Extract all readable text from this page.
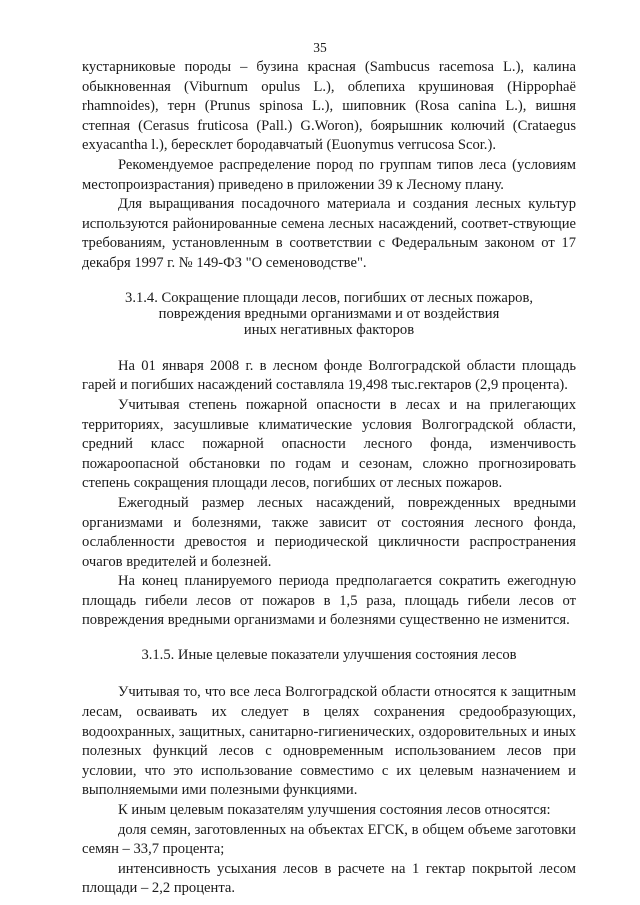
35

кустарниковые породы – бузина красная (Sambucus racemosa L.), калина обыкновенная (Viburnum opulus L.), облепиха крушиновая (Hippophaë rhamnoides), терн (Prunus spinosa L.), шиповник (Rosa canina L.), вишня степная (Cerasus fruticosa (Pall.) G.Woron), боярышник колючий (Crataegus exyacantha l.), бересклет бородавчатый (Euonymus verrucosa Scor.).

Рекомендуемое распределение пород по группам типов леса (условиям местопроизрастания) приведено в приложении 39 к Лесному плану.

Для выращивания посадочного материала и создания лесных культур используются районированные семена лесных насаждений, соответ-ствующие требованиям, установленным в соответствии с Федеральным законом от 17 декабря 1997 г. № 149-ФЗ "О семеноводстве".

3.1.4. Сокращение площади лесов, погибших от лесных пожаров,
повреждения вредными организмами и от воздействия
иных негативных факторов

На 01 января 2008 г. в лесном фонде Волгоградской области площадь гарей и погибших насаждений составляла 19,498 тыс.гектаров (2,9 процента).

Учитывая степень пожарной опасности в лесах и на прилегающих территориях, засушливые климатические условия Волгоградской области, средний класс пожарной опасности лесного фонда, изменчивость пожароопасной обстановки по годам и сезонам, сложно прогнозировать степень сокращения площади лесов, погибших от лесных пожаров.

Ежегодный размер лесных насаждений, поврежденных вредными организмами и болезнями, также зависит от состояния лесного фонда, ослабленности древостоя и периодической цикличности распространения очагов вредителей и болезней.

На конец планируемого периода предполагается сократить ежегодную площадь гибели лесов от пожаров в 1,5 раза, площадь гибели лесов от повреждения вредными организмами и болезнями существенно не изменится.

3.1.5. Иные целевые показатели улучшения состояния лесов

Учитывая то, что все леса Волгоградской области относятся к защитным лесам, осваивать их следует в целях сохранения средообразующих, водоохранных, защитных, санитарно-гигиенических, оздоровительных и иных полезных функций лесов с одновременным использованием лесов при условии, что это использование совместимо с их целевым назначением и выполняемыми ими полезными функциями.

К иным целевым показателям улучшения состояния лесов относятся:

доля семян, заготовленных на объектах ЕГСК, в общем объеме заготовки семян – 33,7 процента;

интенсивность усыхания лесов в расчете на 1 гектар покрытой лесом площади – 2,2 процента.
